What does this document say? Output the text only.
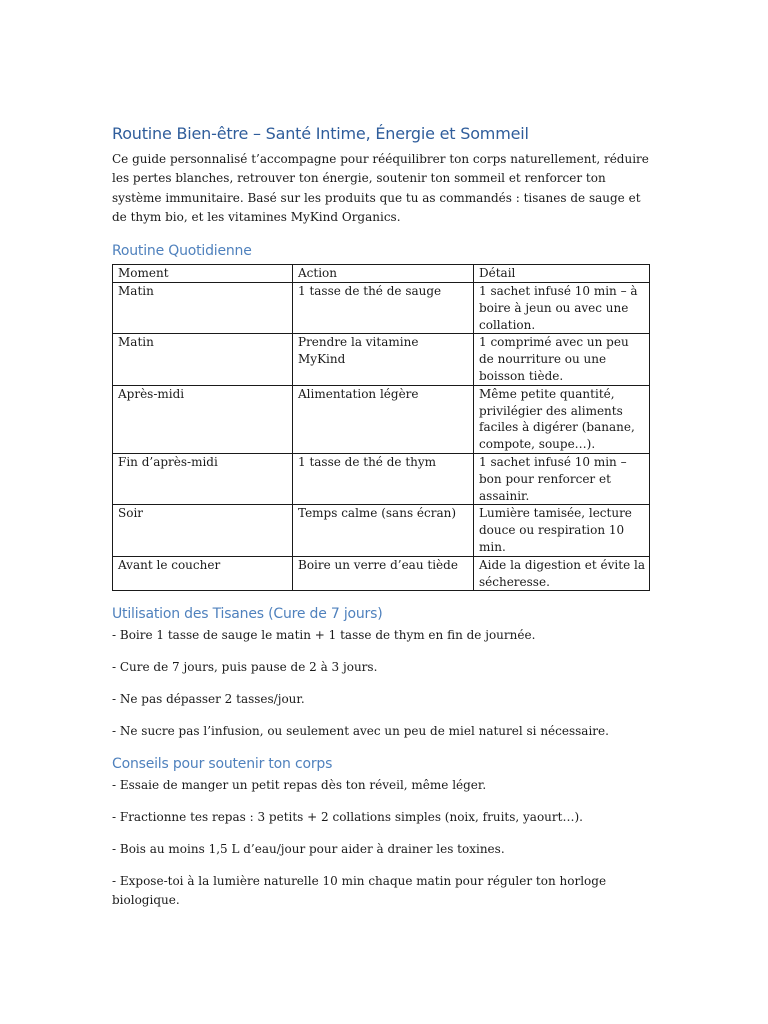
Routine Bien-être – Santé Intime, Énergie et Sommeil

Ce guide personnalisé t’accompagne pour rééquilibrer ton corps naturellement, réduire les pertes blanches, retrouver ton énergie, soutenir ton sommeil et renforcer ton système immunitaire. Basé sur les produits que tu as commandés : tisanes de sauge et de thym bio, et les vitamines MyKind Organics.

Routine Quotidienne
Moment	Action	Détail
Matin	1 tasse de thé de sauge	1 sachet infusé 10 min – à boire à jeun ou avec une collation.
Matin	Prendre la vitamine MyKind	1 comprimé avec un peu de nourriture ou une boisson tiède.
Après-midi	Alimentation légère	Même petite quantité, privilégier des aliments faciles à digérer (banane, compote, soupe…).
Fin d’après-midi	1 tasse de thé de thym	1 sachet infusé 10 min – bon pour renforcer et assainir.
Soir	Temps calme (sans écran)	Lumière tamisée, lecture douce ou respiration 10 min.
Avant le coucher	Boire un verre d’eau tiède	Aide la digestion et évite la sécheresse.
Utilisation des Tisanes (Cure de 7 jours)

- Boire 1 tasse de sauge le matin + 1 tasse de thym en fin de journée.

- Cure de 7 jours, puis pause de 2 à 3 jours.

- Ne pas dépasser 2 tasses/jour.

- Ne sucre pas l’infusion, ou seulement avec un peu de miel naturel si nécessaire.

Conseils pour soutenir ton corps

- Essaie de manger un petit repas dès ton réveil, même léger.

- Fractionne tes repas : 3 petits + 2 collations simples (noix, fruits, yaourt…).

- Bois au moins 1,5 L d’eau/jour pour aider à drainer les toxines.

- Expose-toi à la lumière naturelle 10 min chaque matin pour réguler ton horloge biologique.
